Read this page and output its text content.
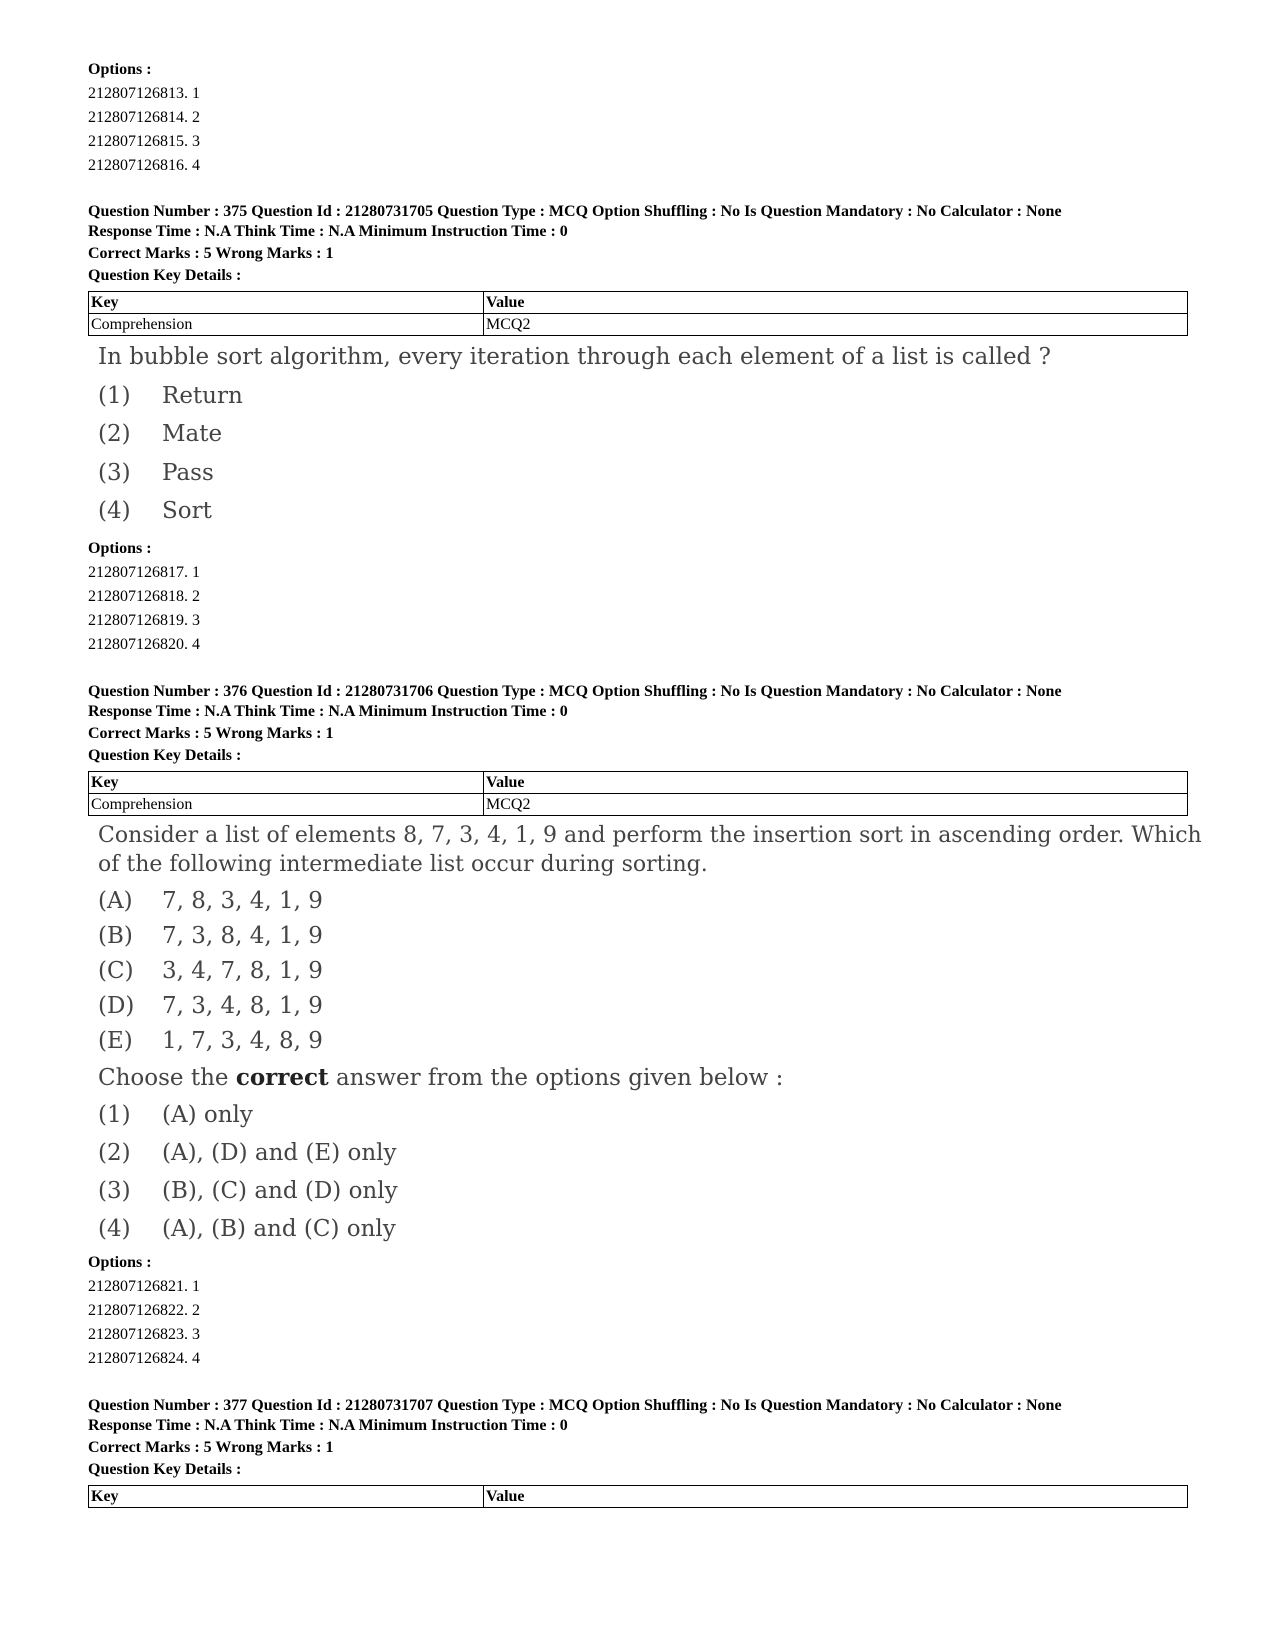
Options :
212807126813. 1
212807126814. 2
212807126815. 3
212807126816. 4
Question Number : 375 Question Id : 21280731705 Question Type : MCQ Option Shuffling : No Is Question Mandatory : No Calculator : None
Response Time : N.A Think Time : N.A Minimum Instruction Time : 0
Correct Marks : 5 Wrong Marks : 1
Question Key Details :
Key	Value
Comprehension	MCQ2
In bubble sort algorithm, every iteration through each element of a list is called ?
(1) Return
(2) Mate
(3) Pass
(4) Sort
Options :
212807126817. 1
212807126818. 2
212807126819. 3
212807126820. 4
Question Number : 376 Question Id : 21280731706 Question Type : MCQ Option Shuffling : No Is Question Mandatory : No Calculator : None
Response Time : N.A Think Time : N.A Minimum Instruction Time : 0
Correct Marks : 5 Wrong Marks : 1
Question Key Details :
Key	Value
Comprehension	MCQ2
Consider a list of elements 8, 7, 3, 4, 1, 9 and perform the insertion sort in ascending order. Which
of the following intermediate list occur during sorting.
(A) 7, 8, 3, 4, 1, 9
(B) 7, 3, 8, 4, 1, 9
(C) 3, 4, 7, 8, 1, 9
(D) 7, 3, 4, 8, 1, 9
(E) 1, 7, 3, 4, 8, 9
Choose the correct answer from the options given below :
(1) (A) only
(2) (A), (D) and (E) only
(3) (B), (C) and (D) only
(4) (A), (B) and (C) only
Options :
212807126821. 1
212807126822. 2
212807126823. 3
212807126824. 4
Question Number : 377 Question Id : 21280731707 Question Type : MCQ Option Shuffling : No Is Question Mandatory : No Calculator : None
Response Time : N.A Think Time : N.A Minimum Instruction Time : 0
Correct Marks : 5 Wrong Marks : 1
Question Key Details :
Key	Value
